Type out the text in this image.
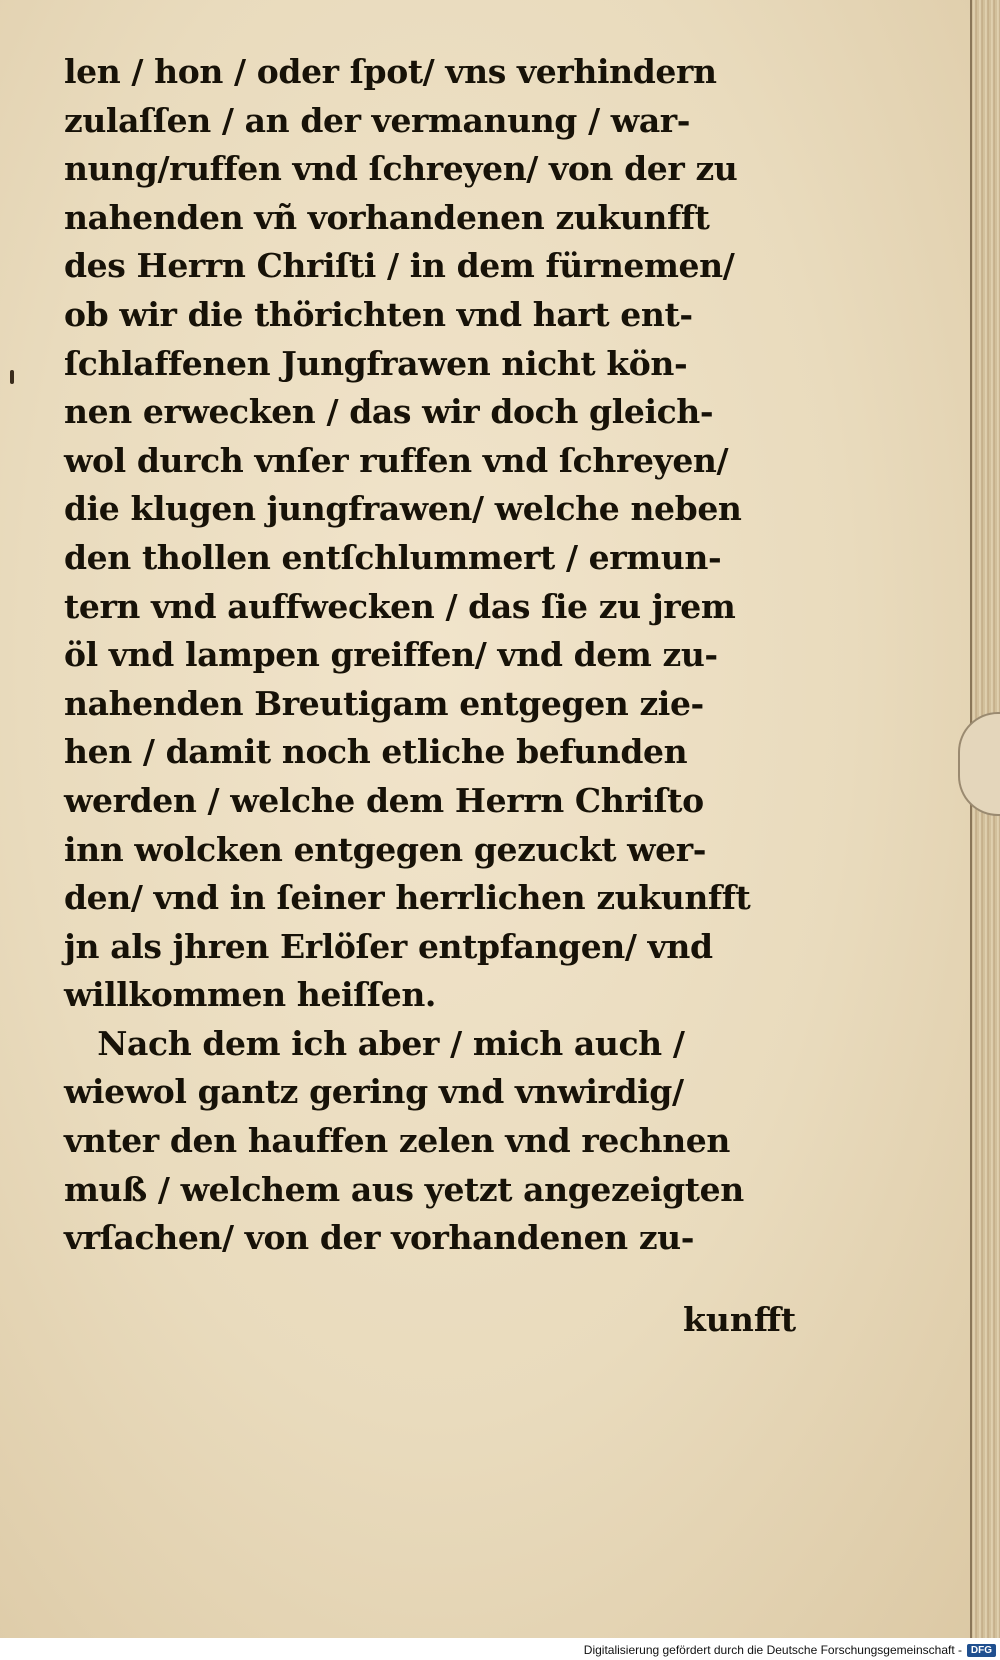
len / hon / oder ſpot/ vns verhindern
zulaſſen / an der vermanung / war-
nung/ruffen vnd ſchreyen/ von der zu
nahenden vñ vorhandenen zukunfft
des Herrn Chriſti / in dem fürnemen/
ob wir die thörichten vnd hart ent-
ſchlaffenen Jungfrawen nicht kön-
nen erwecken / das wir doch gleich-
wol durch vnſer ruffen vnd ſchreyen/
die klugen jungfrawen/ welche neben
den thollen entſchlummert / ermun-
tern vnd auffwecken / das ſie zu jrem
öl vnd lampen greiffen/ vnd dem zu-
nahenden Breutigam entgegen zie-
hen / damit noch etliche befunden
werden / welche dem Herrn Chriſto
inn wolcken entgegen gezuckt wer-
den/ vnd in ſeiner herrlichen zukunfft
jn als jhren Erlöſer entpfangen/ vnd
willkommen heiſſen.
Nach dem ich aber / mich auch /
wiewol gantz gering vnd vnwirdig/
vnter den hauffen zelen vnd rechnen
muß / welchem aus yetzt angezeigten
vrſachen/ von der vorhandenen zu-
kunfft
Digitalisierung gefördert durch die Deutsche Forschungsgemeinschaft - DFG
